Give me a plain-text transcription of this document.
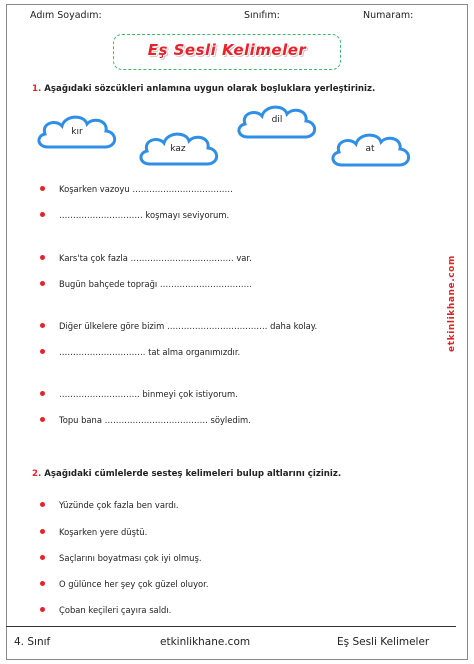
Adım Soyadım:	Sınıfım:	Numaram:
Eş Sesli Kelimeler
1. Aşağıdaki sözcükleri anlamına uygun olarak boşluklara yerleştiriniz.
kır
kaz
dil
at
Koşarken vazoyu ………………………………
………………………… koşmayı seviyorum.
Kars'ta çok fazla ………………………………. var.
Bugün bahçede toprağı ……………………………
Diğer ülkelere göre bizim ……………………………… daha kolay.
…………………………. tat alma organımızdır.
……………………….. binmeyi çok istiyorum.
Topu bana ………………………………. söyledim.
2. Aşağıdaki cümlelerde sesteş kelimeleri bulup altlarını çiziniz.
Yüzünde çok fazla ben vardı.
Koşarken yere düştü.
Saçlarını boyatması çok iyi olmuş.
O gülünce her şey çok güzel oluyor.
Çoban keçileri çayıra saldı.
etkinlikhane.com
4. Sınıf	etkinlikhane.com	Eş Sesli Kelimeler
